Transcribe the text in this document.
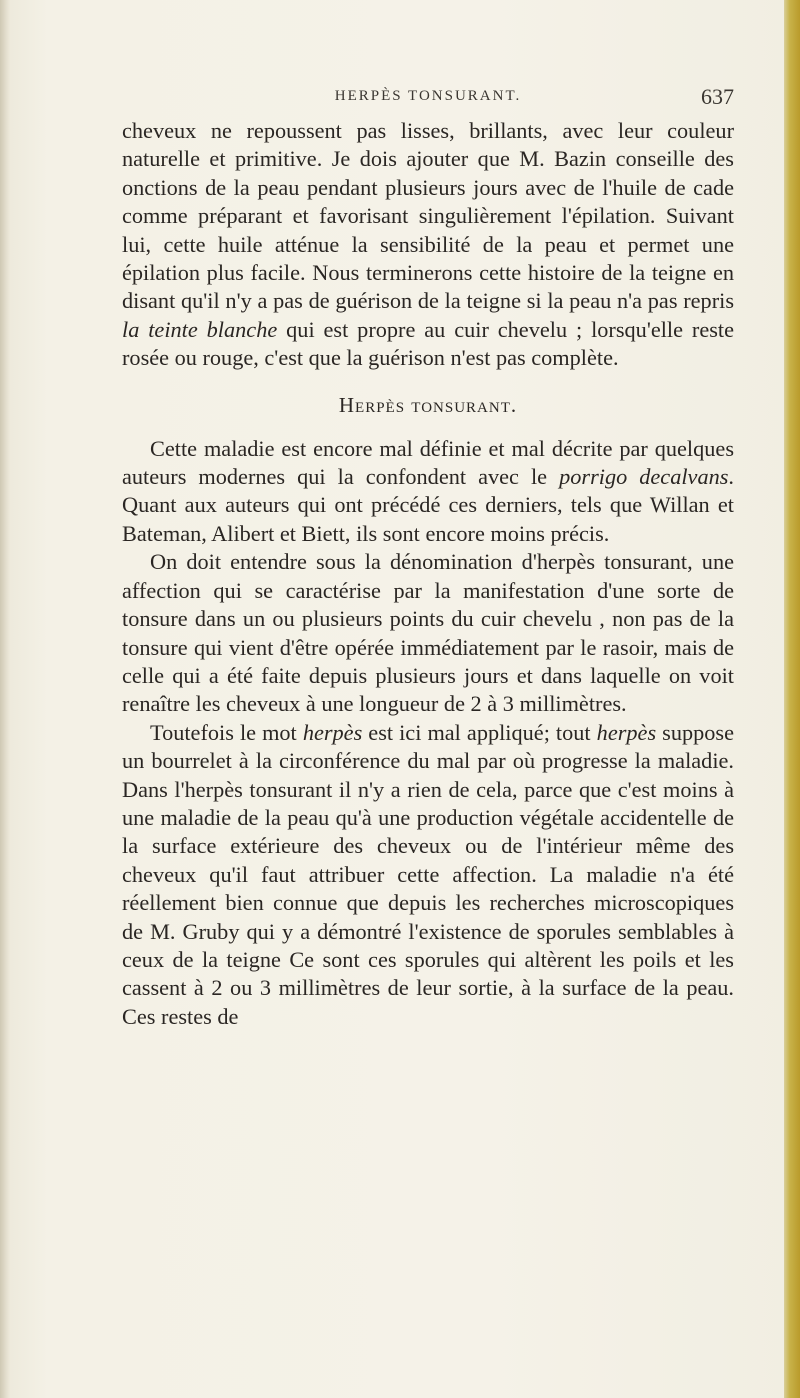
HERPÈS TONSURANT.	637

cheveux ne repoussent pas lisses, brillants, avec leur couleur naturelle et primitive. Je dois ajouter que M. Bazin conseille des onctions de la peau pendant plusieurs jours avec de l'huile de cade comme préparant et favorisant singulièrement l'épilation. Suivant lui, cette huile atténue la sensibilité de la peau et permet une épilation plus facile. Nous terminerons cette histoire de la teigne en disant qu'il n'y a pas de guérison de la teigne si la peau n'a pas repris la teinte blanche qui est propre au cuir chevelu ; lorsqu'elle reste rosée ou rouge, c'est que la guérison n'est pas complète.

Herpès tonsurant.

Cette maladie est encore mal définie et mal décrite par quelques auteurs modernes qui la confondent avec le porrigo decalvans. Quant aux auteurs qui ont précédé ces derniers, tels que Willan et Bateman, Alibert et Biett, ils sont encore moins précis.

On doit entendre sous la dénomination d'herpès tonsurant, une affection qui se caractérise par la manifestation d'une sorte de tonsure dans un ou plusieurs points du cuir chevelu , non pas de la tonsure qui vient d'être opérée immédiatement par le rasoir, mais de celle qui a été faite depuis plusieurs jours et dans laquelle on voit renaître les cheveux à une longueur de 2 à 3 millimètres.

Toutefois le mot herpès est ici mal appliqué; tout herpès suppose un bourrelet à la circonférence du mal par où progresse la maladie. Dans l'herpès tonsurant il n'y a rien de cela, parce que c'est moins à une maladie de la peau qu'à une production végétale accidentelle de la surface extérieure des cheveux ou de l'intérieur même des cheveux qu'il faut attribuer cette affection. La maladie n'a été réellement bien connue que depuis les recherches microscopiques de M. Gruby qui y a démontré l'existence de sporules semblables à ceux de la teigne Ce sont ces sporules qui altèrent les poils et les cassent à 2 ou 3 millimètres de leur sortie, à la surface de la peau. Ces restes de
